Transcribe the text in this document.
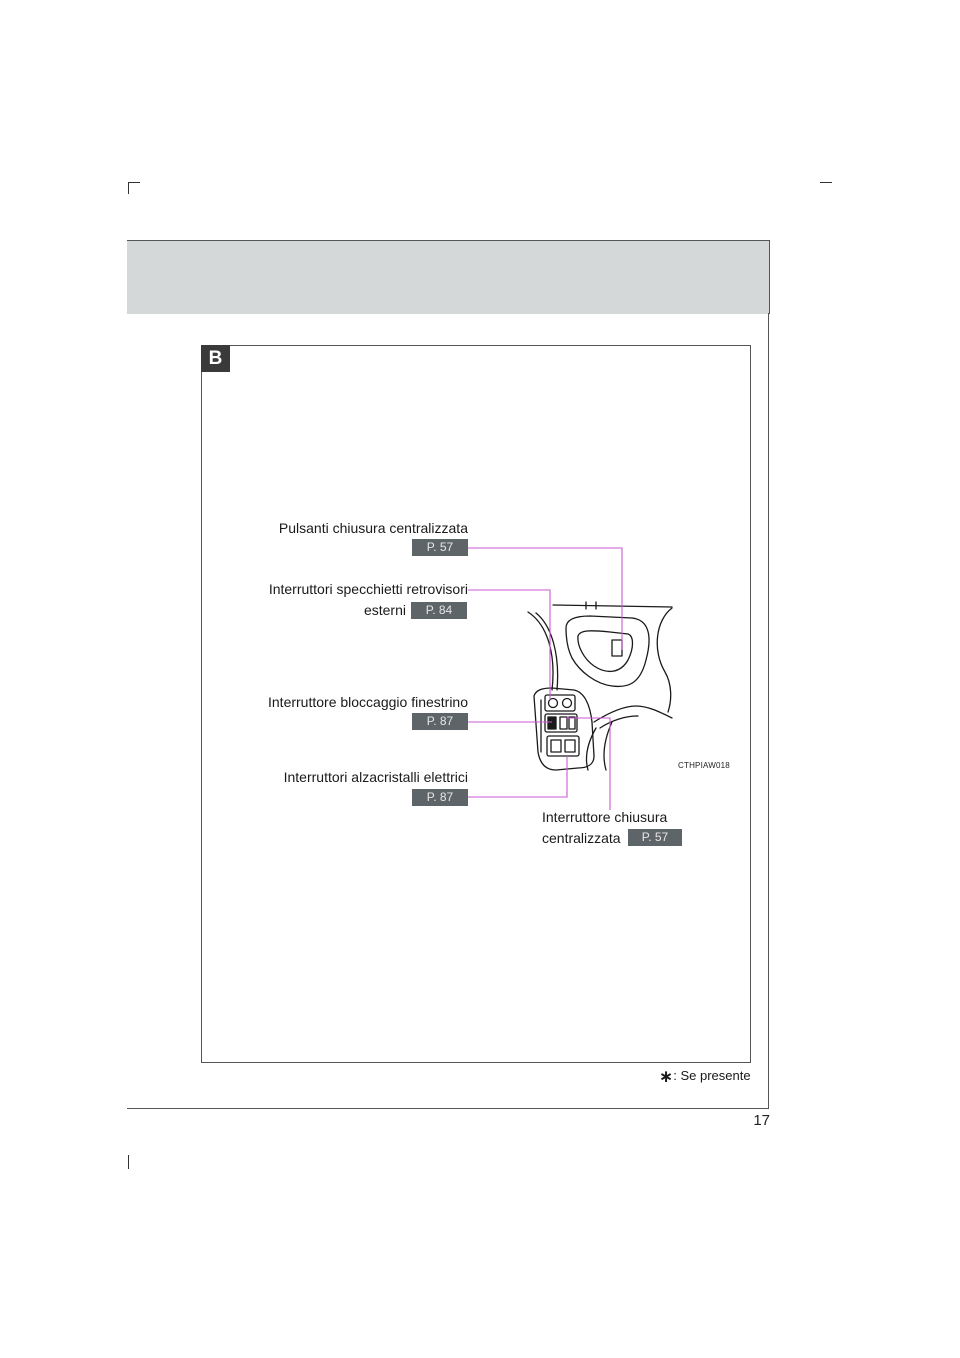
17
B
Pulsanti chiusura centralizzata
P. 57
Interruttori specchietti retrovisori
esterni	P. 84
Interruttore bloccaggio finestrino
P. 87
Interruttori alzacristalli elettrici
P. 87
CTHPIAW018
Interruttore chiusura
centralizzata	P. 57
∗: Se presente
